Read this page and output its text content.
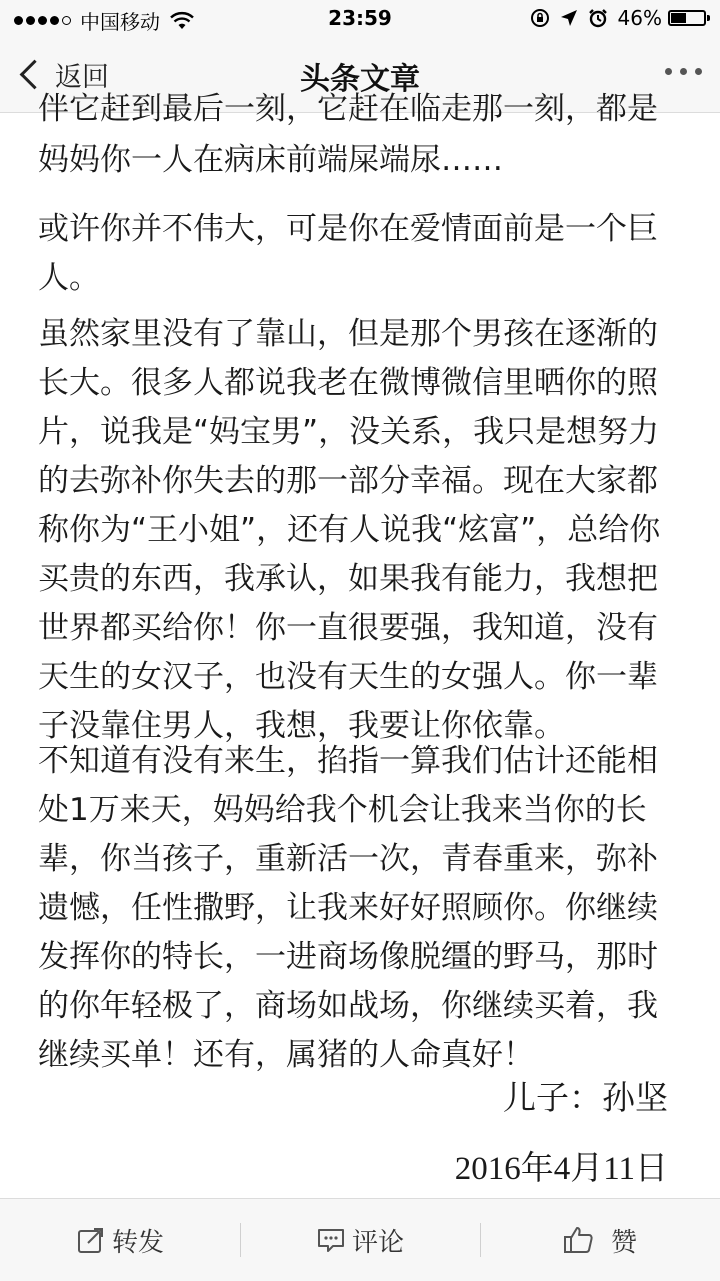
中国移动	23:59	46%
返回	头条文章
伴它赶到最后一刻，它赶在临走那一刻，都是

妈妈你一人在病床前端屎端尿……

或许你并不伟大，可是你在爱情面前是一个巨人。

虽然家里没有了靠山，但是那个男孩在逐渐的长大。很多人都说我老在微博微信里晒你的照片，说我是“妈宝男”，没关系，我只是想努力的去弥补你失去的那一部分幸福。现在大家都称你为“王小姐”，还有人说我“炫富”，总给你买贵的东西，我承认，如果我有能力，我想把世界都买给你！你一直很要强，我知道，没有天生的女汉子，也没有天生的女强人。你一辈子没靠住男人，我想，我要让你依靠。

不知道有没有来生，掐指一算我们估计还能相处1万来天，妈妈给我个机会让我来当你的长辈，你当孩子，重新活一次，青春重来，弥补遗憾，任性撒野，让我来好好照顾你。你继续发挥你的特长，一进商场像脱缰的野马，那时的你年轻极了，商场如战场，你继续买着，我继续买单！还有，属猪的人命真好！

儿子：孙坚
2016年4月11日
转发	评论	赞
